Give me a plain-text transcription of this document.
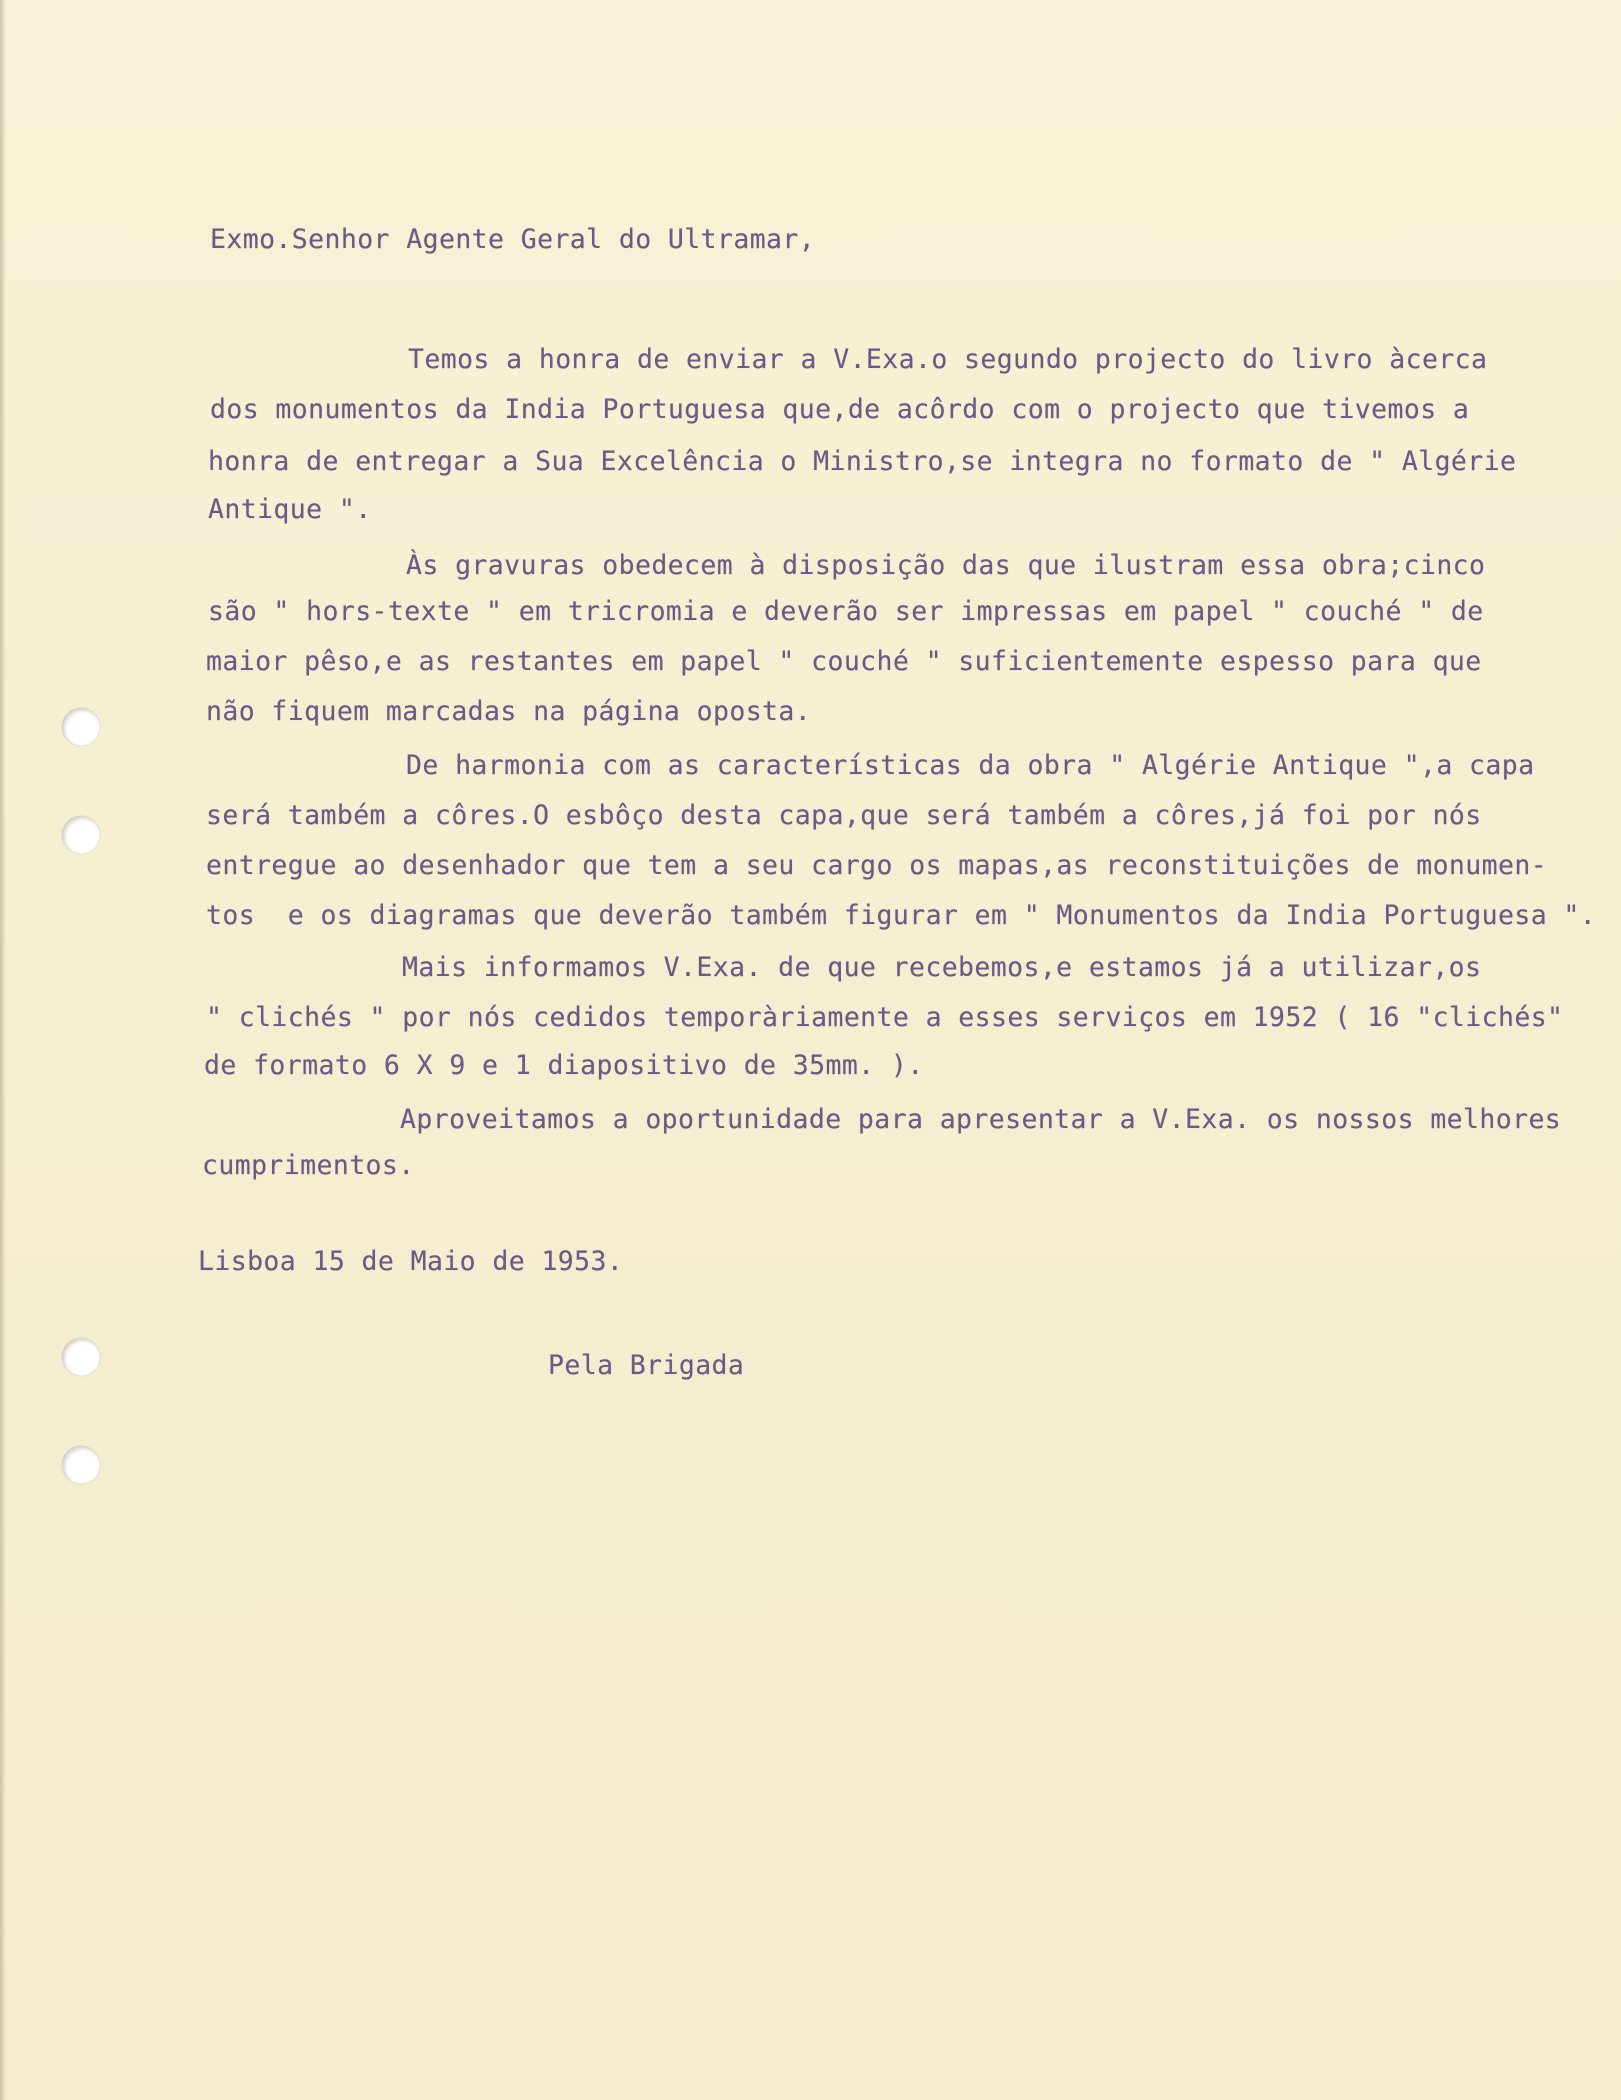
Exmo.Senhor Agente Geral do Ultramar,
Temos a honra de enviar a V.Exa.o segundo projecto do livro àcerca
dos monumentos da India Portuguesa que,de acôrdo com o projecto que tivemos a
honra de entregar a Sua Excelência o Ministro,se integra no formato de " Algérie
Antique ".
Às gravuras obedecem à disposição das que ilustram essa obra;cinco
são " hors-texte " em tricromia e deverão ser impressas em papel " couché " de
maior pêso,e as restantes em papel " couché " suficientemente espesso para que
não fiquem marcadas na página oposta.
De harmonia com as características da obra " Algérie Antique ",a capa
será também a côres.O esbôço desta capa,que será também a côres,já foi por nós
entregue ao desenhador que tem a seu cargo os mapas,as reconstituições de monumen-
tos  e os diagramas que deverão também figurar em " Monumentos da India Portuguesa ".
Mais informamos V.Exa. de que recebemos,e estamos já a utilizar,os
" clichés " por nós cedidos temporàriamente a esses serviços em 1952 ( 16 "clichés"
de formato 6 X 9 e 1 diapositivo de 35mm. ).
Aproveitamos a oportunidade para apresentar a V.Exa. os nossos melhores
cumprimentos.
Lisboa 15 de Maio de 1953.
Pela Brigada
